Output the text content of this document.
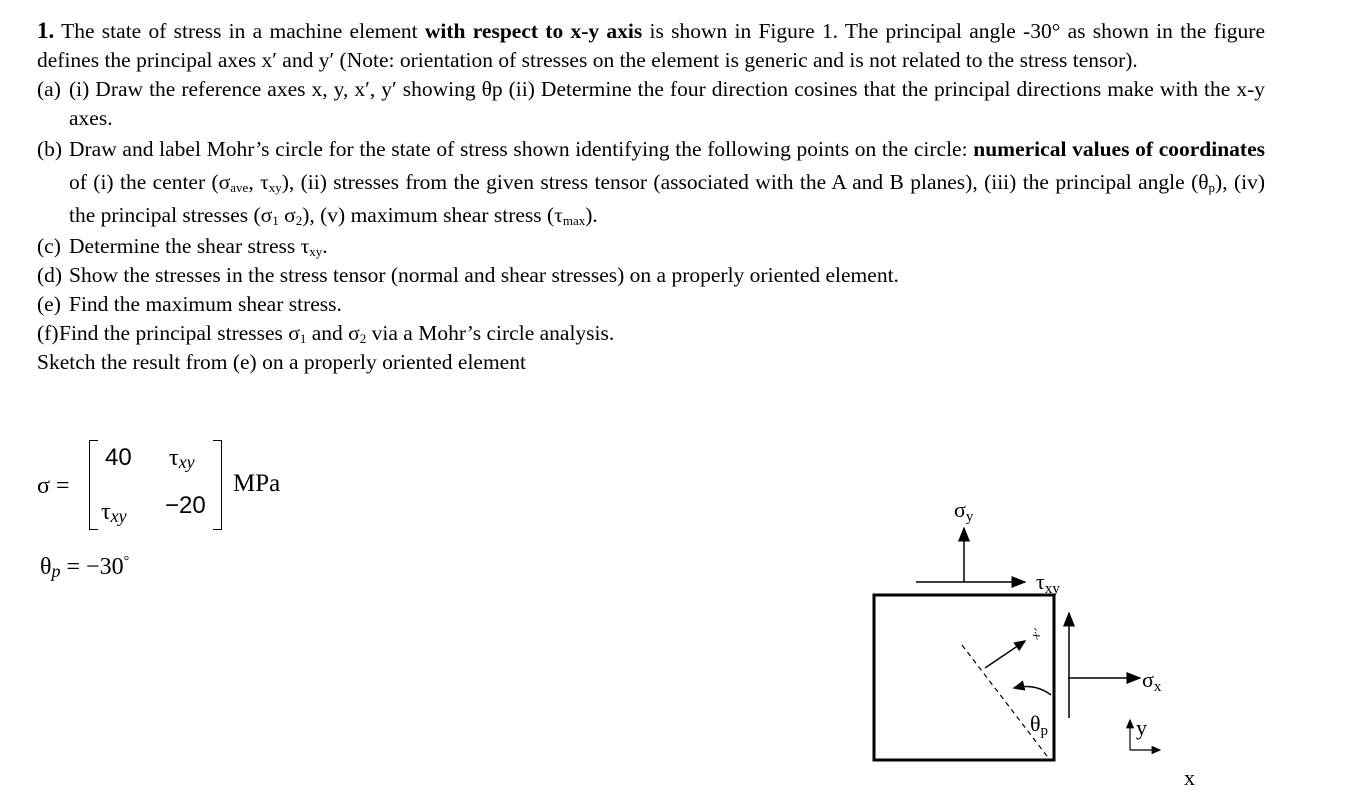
1. The state of stress in a machine element with respect to x-y axis is shown in Figure 1. The principal angle -30° as shown in the figure defines the principal axes x′ and y′ (Note: orientation of stresses on the element is generic and is not related to the stress tensor).

(a) (i) Draw the reference axes x, y, x′, y′ showing θp (ii) Determine the four direction cosines that the principal directions make with the x-y axes.

(b) Draw and label Mohr’s circle for the state of stress shown identifying the following points on the circle: numerical values of coordinates of (i) the center ($\sigma_{ave}$, $\tau_{xy}$), (ii) stresses from the given stress tensor (associated with the A and B planes), (iii) the principal angle $(\theta_p)$, (iv) the principal stresses ($\sigma_1$ $\sigma_2$), (v) maximum shear stress $(\tau_{max})$.

(c) Determine the shear stress $\tau_{xy}$.

(d) Show the stresses in the stress tensor (normal and shear stresses) on a properly oriented element.

(e) Find the maximum shear stress.

(f) Find the principal stresses $\sigma_1$ and $\sigma_2$ via a Mohr’s circle analysis.

Sketch the result from (e) on a properly oriented element

σ =
40 $\tau_{xy}$
$\tau_{xy} -20$
MPa
$\theta_p = -30^\circ$
$\sigma_y$
$\tau_{xy}$
$\sigma_x$
x′
$\theta_p$	y
x
